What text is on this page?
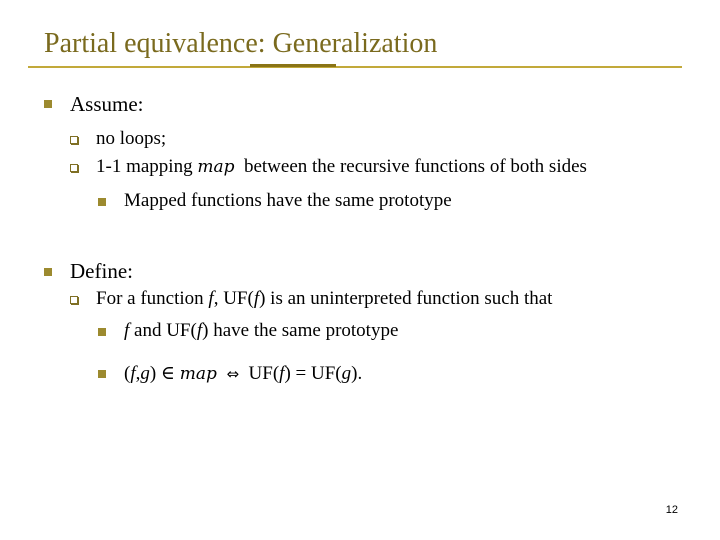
Partial equivalence: Generalization
Assume:
no loops;
1-1 mapping map  between the recursive functions of both sides
Mapped functions have the same prototype
Define:
For a function f, UF(f) is an uninterpreted function such that
f and UF(f) have the same prototype
(f,g) ∈ map  ⇔  UF(f) = UF(g).
12
